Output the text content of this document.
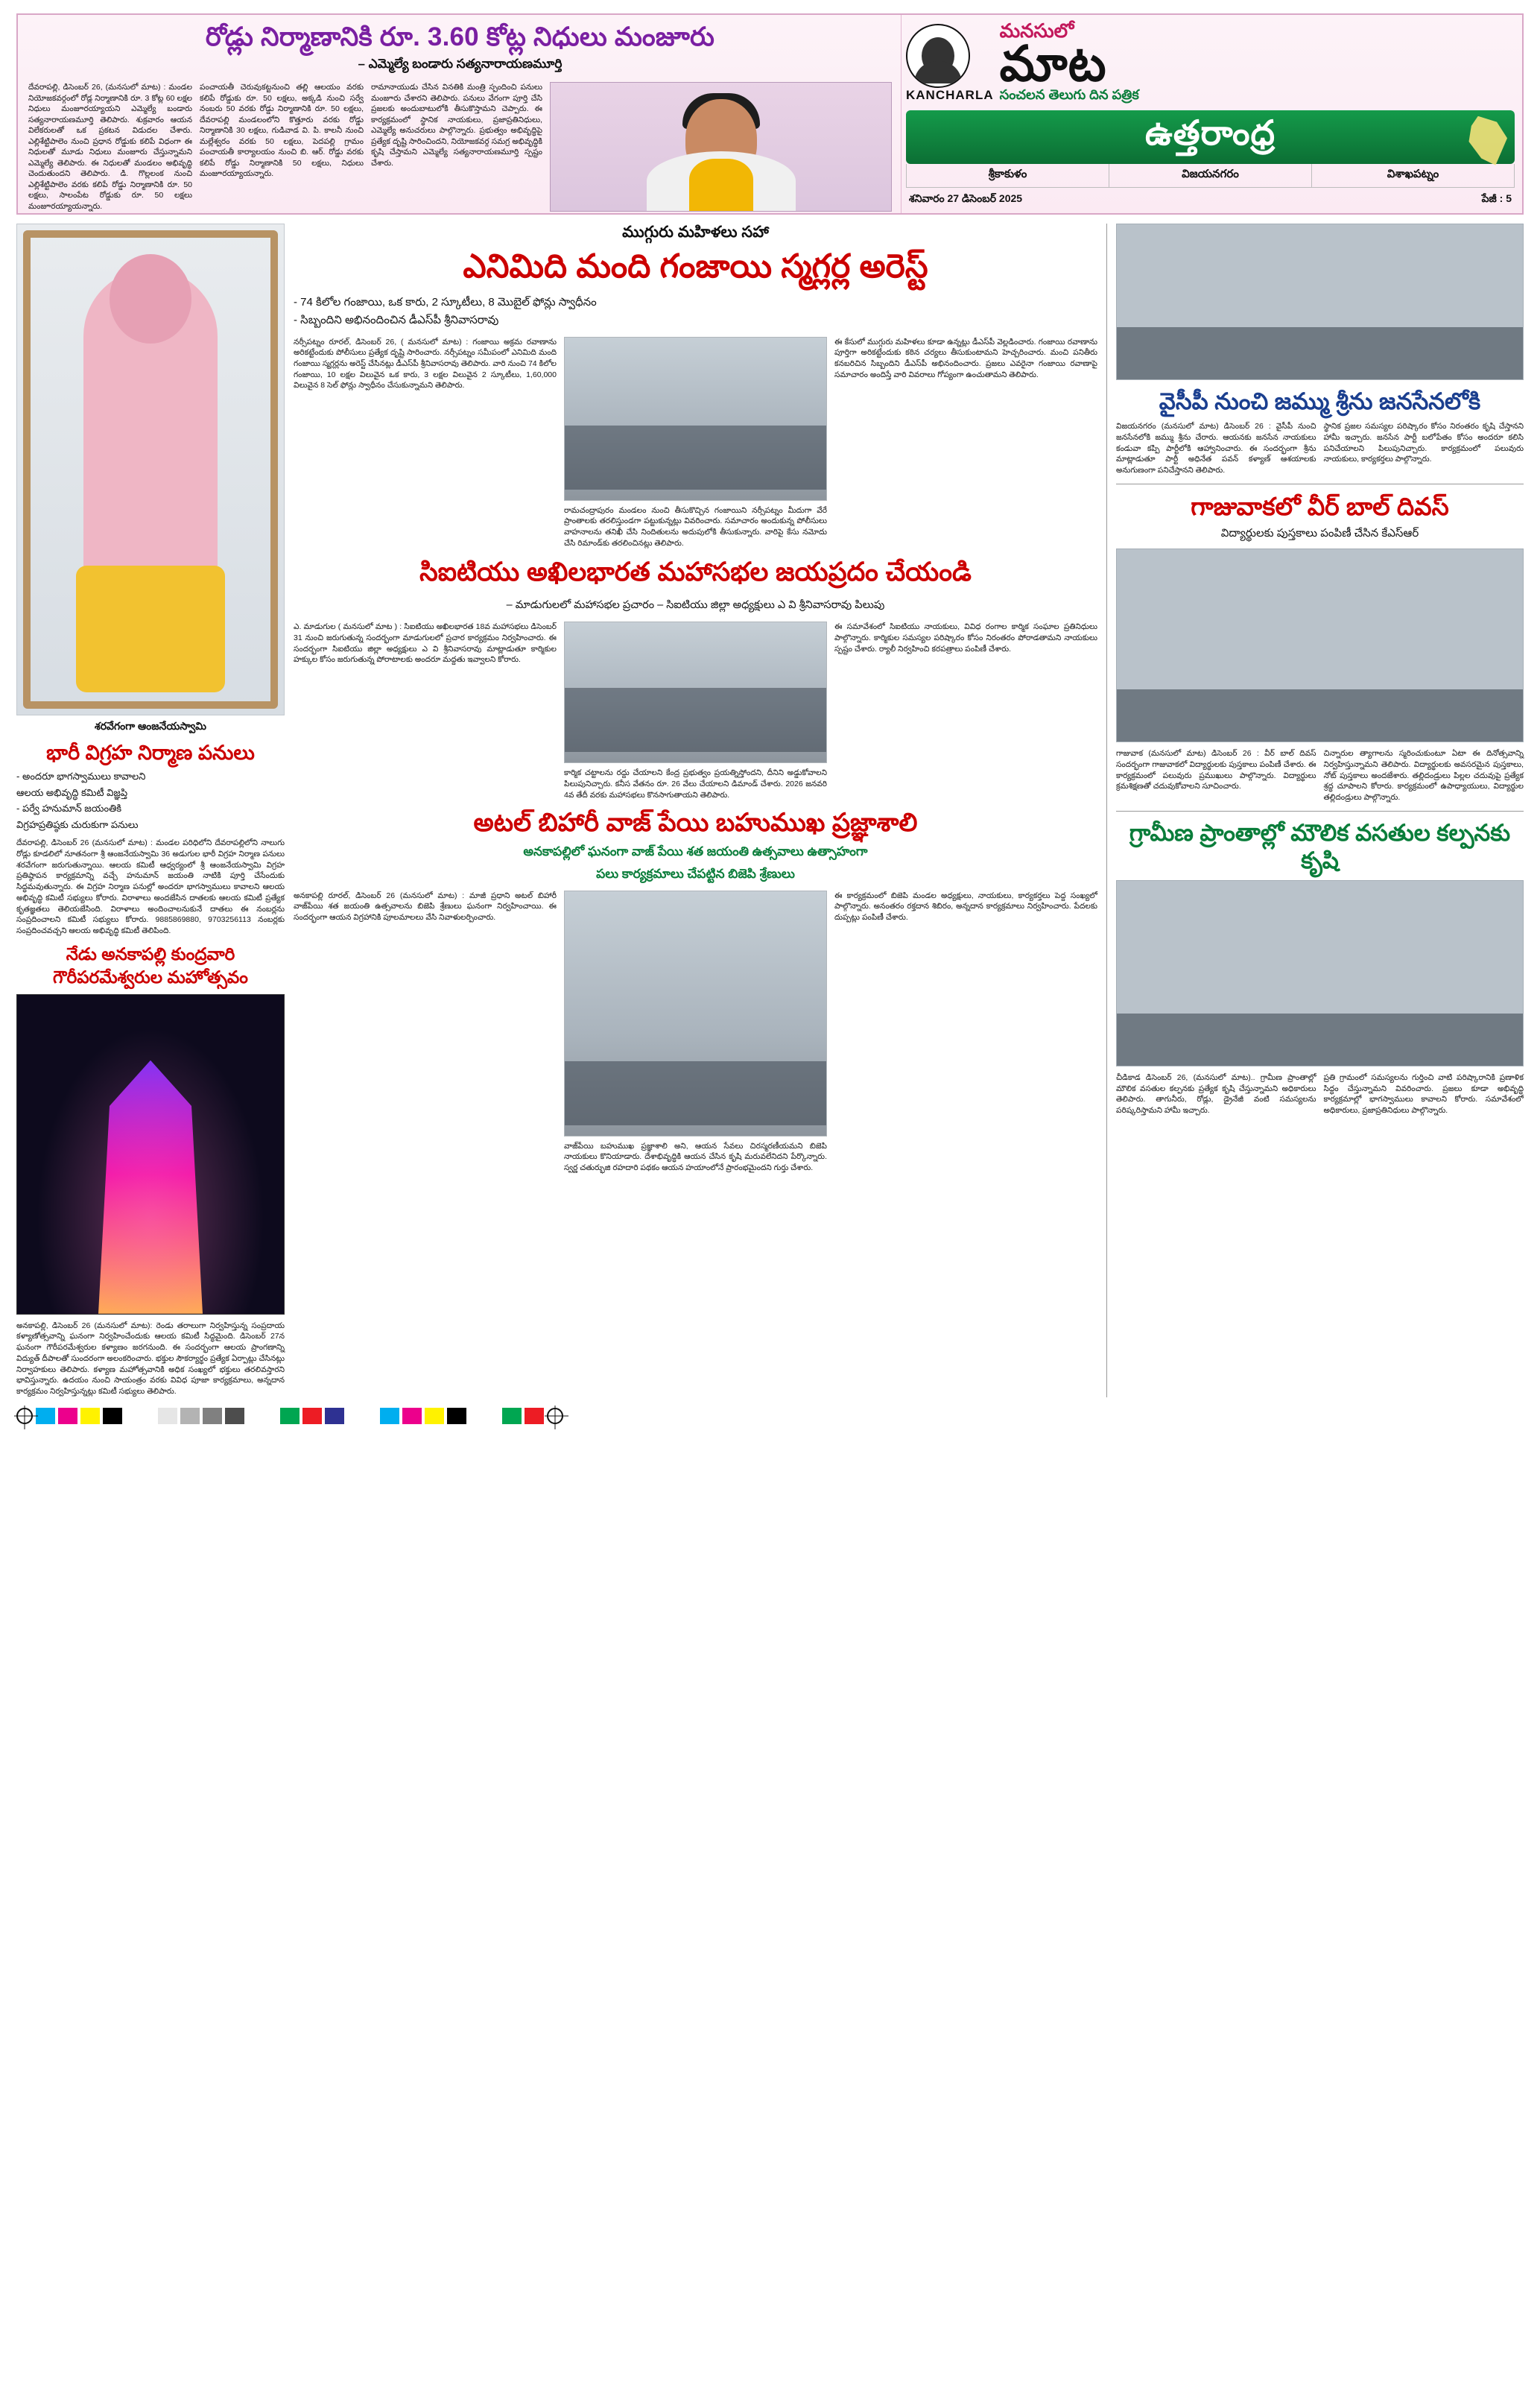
రోడ్లు నిర్మాణానికి రూ. 3.60 కోట్ల నిధులు మంజూరు
– ఎమ్మెల్యే బండారు సత్యనారాయణమూర్తి
దేవరాపల్లి, డిసెంబర్ 26, (మనసులో మాట) : మండల నియోజకవర్గంలో రోడ్ల నిర్మాణానికి రూ. 3 కోట్ల 60 లక్షల నిధులు మంజూరయ్యాయని ఎమ్మెల్యే బండారు సత్యనారాయణమూర్తి తెలిపారు. శుక్రవారం ఆయన విలేకరులతో ఒక ప్రకటన విడుదల చేశారు. ఎల్లిశేట్టిపాలెం నుంచి ప్రధాన రోడ్డుకు కలిపే విధంగా ఈ నిధులతో మూడు నిధులు మంజూరు చేస్తున్నామని ఎమ్మెల్యే తెలిపారు. ఈ నిధులతో మండలం అభివృద్ధి చెందుతుందని తెలిపారు. డి. గొల్లలంక నుంచి ఎల్లిశేట్టిపాలెం వరకు కలిపే రోడ్డు నిర్మాణానికి రూ. 50 లక్షలు, సాలంపేట రోడ్డుకు రూ. 50 లక్షలు మంజూరయ్యాయన్నారు.
పంచాయతీ చెరువుకట్టనుంచి తల్లి ఆలయం వరకు కలిపే రోడ్డుకు రూ. 50 లక్షలు, అక్కడి నుంచి సర్వే నంబరు 50 వరకు రోడ్డు నిర్మాణానికి రూ. 50 లక్షలు, దేవరాపల్లి మండలంలోని కొత్తూరు వరకు రోడ్డు నిర్మాణానికి 30 లక్షలు, గుడివాడ వి. పి. కాలనీ నుంచి మల్లేశ్వరం వరకు 50 లక్షలు, పెదపల్లి గ్రామం పంచాయతీ కార్యాలయం నుంచి బి. ఆర్. రోడ్డు వరకు కలిపే రోడ్డు నిర్మాణానికి 50 లక్షలు, నిధులు మంజూరయ్యాయన్నారు.
రామానాయుడు చేసిన వినతికి మంత్రి స్పందించి పనులు మంజూరు చేశారని తెలిపారు. పనులు వేగంగా పూర్తి చేసి ప్రజలకు అందుబాటులోకి తీసుకొస్తామని చెప్పారు. ఈ కార్యక్రమంలో స్థానిక నాయకులు, ప్రజాప్రతినిధులు, ఎమ్మెల్యే అనుచరులు పాల్గొన్నారు. ప్రభుత్వం అభివృద్ధిపై ప్రత్యేక దృష్టి సారించిందని, నియోజకవర్గ సమగ్ర అభివృద్ధికి కృషి చేస్తామని ఎమ్మెల్యే సత్యనారాయణమూర్తి స్పష్టం చేశారు.
KANCHARLA
మనసులో
మాట
సంచలన తెలుగు దిన పత్రిక
ఉత్తరాంధ్ర
శ్రీకాకుళం	విజయనగరం	విశాఖపట్నం
శనివారం 27 డిసెంబర్ 2025	పేజీ : 5
శరవేగంగా ఆంజనేయస్వామి
భారీ విగ్రహ నిర్మాణ పనులు
- అందరూ భాగస్వాములు కావాలని
ఆలయ అభివృద్ధి కమిటీ విజ్ఞప్తి
- పర్వే హనుమాన్ జయంతికి
విగ్రహప్రతిష్ఠకు చురుకుగా పనులు
దేవరాపల్లి, డిసెంబర్ 26 (మనసులో మాట) : మండల పరిధిలోని దేవరాపల్లిలోని నాలుగు రోడ్లు కూడలిలో నూతనంగా శ్రీ ఆంజనేయస్వామి 36 అడుగుల భారీ విగ్రహ నిర్మాణ పనులు శరవేగంగా జరుగుతున్నాయి. ఆలయ కమిటీ ఆధ్వర్యంలో శ్రీ ఆంజనేయస్వామి విగ్రహ ప్రతిష్ఠాపన కార్యక్రమాన్ని వచ్చే హనుమాన్ జయంతి నాటికి పూర్తి చేసేందుకు సిద్ధమవుతున్నారు. ఈ విగ్రహ నిర్మాణ పనుల్లో అందరూ భాగస్వాములు కావాలని ఆలయ అభివృద్ధి కమిటీ సభ్యులు కోరారు. విరాళాలు అందజేసిన దాతలకు ఆలయ కమిటీ ప్రత్యేక కృతజ్ఞతలు తెలియజేసింది. విరాళాలు అందించాలనుకునే దాతలు ఈ నంబర్లను సంప్రదించాలని కమిటీ సభ్యులు కోరారు. 9885869880, 9703256113 నంబర్లకు సంప్రదించవచ్చని ఆలయ అభివృద్ధి కమిటీ తెలిపింది.
నేడు అనకాపల్లి కుంద్రవారి
గౌరీపరమేశ్వరుల మహోత్సవం
అనకాపల్లి, డిసెంబర్ 26 (మనసులో మాట): రెండు తరాలుగా నిర్వహిస్తున్న సంప్రదాయ కళ్యాణోత్సవాన్ని ఘనంగా నిర్వహించేందుకు ఆలయ కమిటీ సిద్ధమైంది. డిసెంబర్ 27న ఘనంగా గౌరీపరమేశ్వరుల కళ్యాణం జరగనుంది. ఈ సందర్భంగా ఆలయ ప్రాంగణాన్ని విద్యుత్ దీపాలతో సుందరంగా అలంకరించారు. భక్తుల సౌకర్యార్థం ప్రత్యేక ఏర్పాట్లు చేసినట్లు నిర్వాహకులు తెలిపారు. కళ్యాణ మహోత్సవానికి అధిక సంఖ్యలో భక్తులు తరలివస్తారని భావిస్తున్నారు. ఉదయం నుంచి సాయంత్రం వరకు వివిధ పూజా కార్యక్రమాలు, అన్నదాన కార్యక్రమం నిర్వహిస్తున్నట్లు కమిటీ సభ్యులు తెలిపారు.
ముగ్గురు మహిళలు సహా
ఎనిమిది మంది గంజాయి స్మగ్లర్ల అరెస్ట్
- 74 కిలోల గంజాయి, ఒక కారు, 2 స్కూటీలు, 8 మొబైల్ ఫోన్లు స్వాధీనం
- సిబ్బందిని అభినందించిన డీఎస్‌పీ శ్రీనివాసరావు
నర్సీపట్నం రూరల్, డిసెంబర్ 26, ( మనసులో మాట) : గంజాయి అక్రమ రవాణాను అరికట్టేందుకు పోలీసులు ప్రత్యేక దృష్టి సారించారు. నర్సీపట్నం సమీపంలో ఎనిమిది మంది గంజాయి స్మగ్లర్లను అరెస్ట్ చేసినట్లు డీఎస్‌పీ శ్రీనివాసరావు తెలిపారు. వారి నుంచి 74 కిలోల గంజాయి, 10 లక్షల విలువైన ఒక కారు, 3 లక్షల విలువైన 2 స్కూటీలు, 1,60,000 విలువైన 8 సెల్ ఫోన్లు స్వాధీనం చేసుకున్నామని తెలిపారు.
రామచంద్రాపురం మండలం నుంచి తీసుకొచ్చిన గంజాయిని నర్సీపట్నం మీదుగా వేరే ప్రాంతాలకు తరలిస్తుండగా పట్టుకున్నట్లు వివరించారు. సమాచారం అందుకున్న పోలీసులు వాహనాలను తనిఖీ చేసి నిందితులను అదుపులోకి తీసుకున్నారు. వారిపై కేసు నమోదు చేసి రిమాండ్‌కు తరలించినట్లు తెలిపారు.
ఈ కేసులో ముగ్గురు మహిళలు కూడా ఉన్నట్లు డీఎస్‌పీ వెల్లడించారు. గంజాయి రవాణాను పూర్తిగా అరికట్టేందుకు కఠిన చర్యలు తీసుకుంటామని హెచ్చరించారు. మంచి పనితీరు కనబరిచిన సిబ్బందిని డీఎస్‌పీ అభినందించారు. ప్రజలు ఎవరైనా గంజాయి రవాణాపై సమాచారం అందిస్తే వారి వివరాలు గోప్యంగా ఉంచుతామని తెలిపారు.
సిఐటియు అఖిలభారత మహాసభల జయప్రదం చేయండి
– మాడుగులలో మహాసభల ప్రచారం – సిఐటియు జిల్లా అధ్యక్షులు ఎ వి శ్రీనివాసరావు పిలుపు
ఎ. మాడుగుల ( మనసులో మాట ) : సిఐటియు అఖిలభారత 18వ మహాసభలు డిసెంబర్ 31 నుంచి జరుగుతున్న సందర్భంగా మాడుగులలో ప్రచార కార్యక్రమం నిర్వహించారు. ఈ సందర్భంగా సిఐటియు జిల్లా అధ్యక్షులు ఎ వి శ్రీనివాసరావు మాట్లాడుతూ కార్మికుల హక్కుల కోసం జరుగుతున్న పోరాటాలకు అందరూ మద్దతు ఇవ్వాలని కోరారు.
కార్మిక చట్టాలను రద్దు చేయాలని కేంద్ర ప్రభుత్వం ప్రయత్నిస్తోందని, దీనిని అడ్డుకోవాలని పిలుపునిచ్చారు. కనీస వేతనం రూ. 26 వేలు చేయాలని డిమాండ్ చేశారు. 2026 జనవరి 4వ తేదీ వరకు మహాసభలు కొనసాగుతాయని తెలిపారు.
ఈ సమావేశంలో సిఐటియు నాయకులు, వివిధ రంగాల కార్మిక సంఘాల ప్రతినిధులు పాల్గొన్నారు. కార్మికుల సమస్యల పరిష్కారం కోసం నిరంతరం పోరాడతామని నాయకులు స్పష్టం చేశారు. ర్యాలీ నిర్వహించి కరపత్రాలు పంపిణీ చేశారు.
అటల్ బిహారీ వాజ్ పేయి బహుముఖ ప్రజ్ఞాశాలి
అనకాపల్లిలో ఘనంగా వాజ్ పేయి శత జయంతి ఉత్సవాలు ఉత్సాహంగా
పలు కార్యక్రమాలు చేపట్టిన బిజెపి శ్రేణులు
అనకాపల్లి రూరల్, డిసెంబర్ 26 (మనసులో మాట) : మాజీ ప్రధాని అటల్ బిహారీ వాజ్‌పేయి శత జయంతి ఉత్సవాలను బిజెపి శ్రేణులు ఘనంగా నిర్వహించాయి. ఈ సందర్భంగా ఆయన విగ్రహానికి పూలమాలలు వేసి నివాళులర్పించారు.
వాజ్‌పేయి బహుముఖ ప్రజ్ఞాశాలి అని, ఆయన సేవలు చిరస్మరణీయమని బిజెపి నాయకులు కొనియాడారు. దేశాభివృద్ధికి ఆయన చేసిన కృషి మరువలేనిదని పేర్కొన్నారు. స్వర్ణ చతుర్భుజి రహదారి పథకం ఆయన హయాంలోనే ప్రారంభమైందని గుర్తు చేశారు.
ఈ కార్యక్రమంలో బిజెపి మండల అధ్యక్షులు, నాయకులు, కార్యకర్తలు పెద్ద సంఖ్యలో పాల్గొన్నారు. అనంతరం రక్తదాన శిబిరం, అన్నదాన కార్యక్రమాలు నిర్వహించారు. పేదలకు దుప్పట్లు పంపిణీ చేశారు.
వైసీపీ నుంచి జమ్ము శ్రీను జనసేనలోకి
విజయనగరం (మనసులో మాట) డిసెంబర్ 26 : వైసీపీ నుంచి జనసేనలోకి జమ్ము శ్రీను చేరారు. ఆయనకు జనసేన నాయకులు కండువా కప్పి పార్టీలోకి ఆహ్వానించారు. ఈ సందర్భంగా శ్రీను మాట్లాడుతూ పార్టీ అధినేత పవన్ కళ్యాణ్ ఆశయాలకు అనుగుణంగా పనిచేస్తానని తెలిపారు.
స్థానిక ప్రజల సమస్యల పరిష్కారం కోసం నిరంతరం కృషి చేస్తానని హామీ ఇచ్చారు. జనసేన పార్టీ బలోపేతం కోసం అందరూ కలిసి పనిచేయాలని పిలుపునిచ్చారు. కార్యక్రమంలో పలువురు నాయకులు, కార్యకర్తలు పాల్గొన్నారు.
గాజువాకలో వీర్ బాల్ దివస్
విద్యార్థులకు పుస్తకాలు పంపిణీ చేసిన కేఎస్‌ఆర్
గాజువాక (మనసులో మాట) డిసెంబర్ 26 : వీర్ బాల్ దివస్ సందర్భంగా గాజువాకలో విద్యార్థులకు పుస్తకాలు పంపిణీ చేశారు. ఈ కార్యక్రమంలో పలువురు ప్రముఖులు పాల్గొన్నారు. విద్యార్థులు క్రమశిక్షణతో చదువుకోవాలని సూచించారు.
చిన్నారుల త్యాగాలను స్మరించుకుంటూ ఏటా ఈ దినోత్సవాన్ని నిర్వహిస్తున్నామని తెలిపారు. విద్యార్థులకు అవసరమైన పుస్తకాలు, నోట్ పుస్తకాలు అందజేశారు. తల్లిదండ్రులు పిల్లల చదువుపై ప్రత్యేక శ్రద్ధ చూపాలని కోరారు. కార్యక్రమంలో ఉపాధ్యాయులు, విద్యార్థుల తల్లిదండ్రులు పాల్గొన్నారు.
గ్రామీణ ప్రాంతాల్లో మౌలిక వసతుల కల్పనకు కృషి
చీడికాడ డిసెంబర్ 26, (మనసులో మాట).. గ్రామీణ ప్రాంతాల్లో మౌలిక వసతుల కల్పనకు ప్రత్యేక కృషి చేస్తున్నామని అధికారులు తెలిపారు. తాగునీరు, రోడ్లు, డ్రైనేజీ వంటి సమస్యలను పరిష్కరిస్తామని హామీ ఇచ్చారు.
ప్రతి గ్రామంలో సమస్యలను గుర్తించి వాటి పరిష్కారానికి ప్రణాళిక సిద్ధం చేస్తున్నామని వివరించారు. ప్రజలు కూడా అభివృద్ధి కార్యక్రమాల్లో భాగస్వాములు కావాలని కోరారు. సమావేశంలో అధికారులు, ప్రజాప్రతినిధులు పాల్గొన్నారు.
